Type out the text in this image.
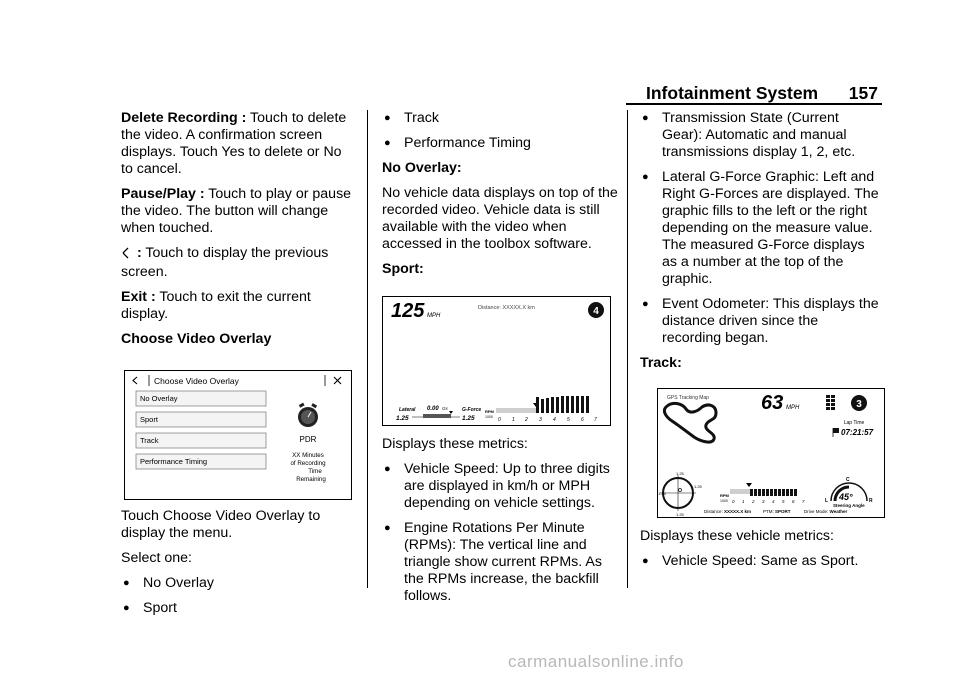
Infotainment System 157

Delete Recording : Touch to delete the video. A confirmation screen displays. Touch Yes to delete or No to cancel.

Pause/Play : Touch to play or pause the video. The button will change when touched.

: Touch to display the previous screen.

Exit : Touch to exit the current display.

Choose Video Overlay

Choose Video Overlay
No Overlay
Sport
Track
Performance Timing
PDR
XX Minutes
of Recording
Time
Remaining

Touch Choose Video Overlay to display the menu.

Select one:

● No Overlay
● Sport
● Track
● Performance Timing

No Overlay:

No vehicle data displays on top of the recorded video. Vehicle data is still available with the video when accessed in the toolbox software.

Sport:

125 MPH
Distance: XXXXX.X km	4
Lateral
1.25
0.00 Gs	G-Force
1.25
RPM
1000 0 1 2 3 4 5 6 7

Displays these metrics:

● Vehicle Speed: Up to three digits are displayed in km/h or MPH depending on vehicle settings.
● Engine Rotations Per Minute (RPMs): The vertical line and triangle show current RPMs. As the RPMs increase, the backfill follows.
● Transmission State (Current Gear): Automatic and manual transmissions display 1, 2, etc.
● Lateral G-Force Graphic: Left and Right G-Forces are displayed. The graphic fills to the left or the right depending on the measure value. The measured G-Force displays as a number at the top of the graphic.
● Event Odometer: This displays the distance driven since the recording began.

Track:

GPS Tracking Map	63 MPH	3
Lap Time
07:21:57
1.25
1.25
1.25
1.25
RPM
1000 0 1 2 3 4 5 6 7
C
L	R
45°
Steering Angle
Distance: XXXXX.X km	PTM: SPORT	Drive Mode: Weather

Displays these vehicle metrics:

● Vehicle Speed: Same as Sport.
carmanualsonline.info
